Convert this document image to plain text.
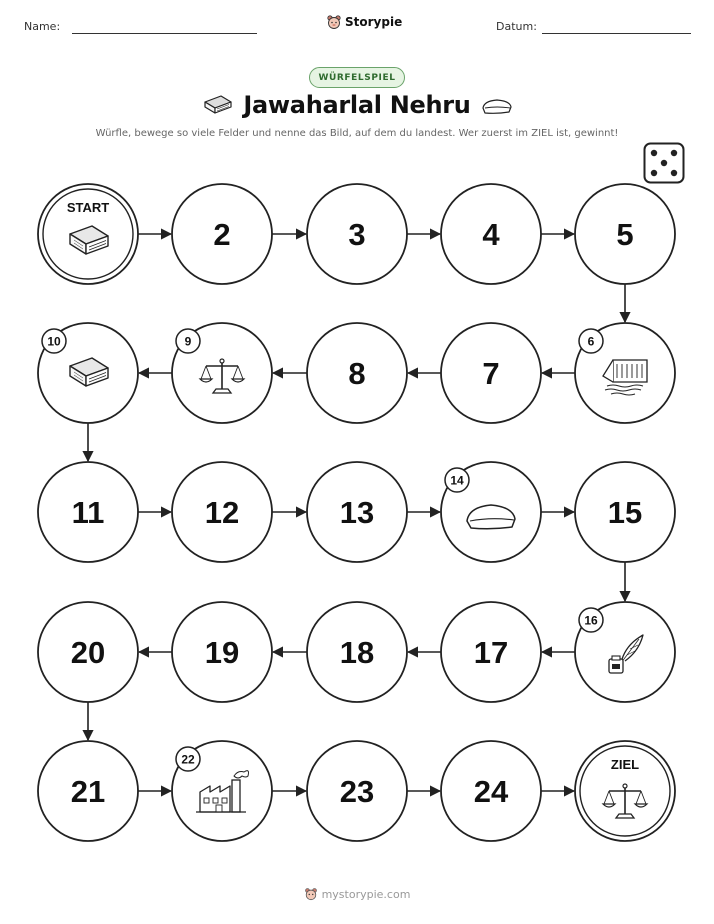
Name:	Storypie	Datum:
WÜRFELSPIEL
Jawaharlal Nehru
Würfle, bewege so viele Felder und nenne das Bild, auf dem du landest. Wer zuerst im ZIEL ist, gewinnt!
START
2	3	4	5
6
7
8
9
10
11	12	13
14
15
16
17
18
19
20
21
22
23	24
ZIEL
mystorypie.com
